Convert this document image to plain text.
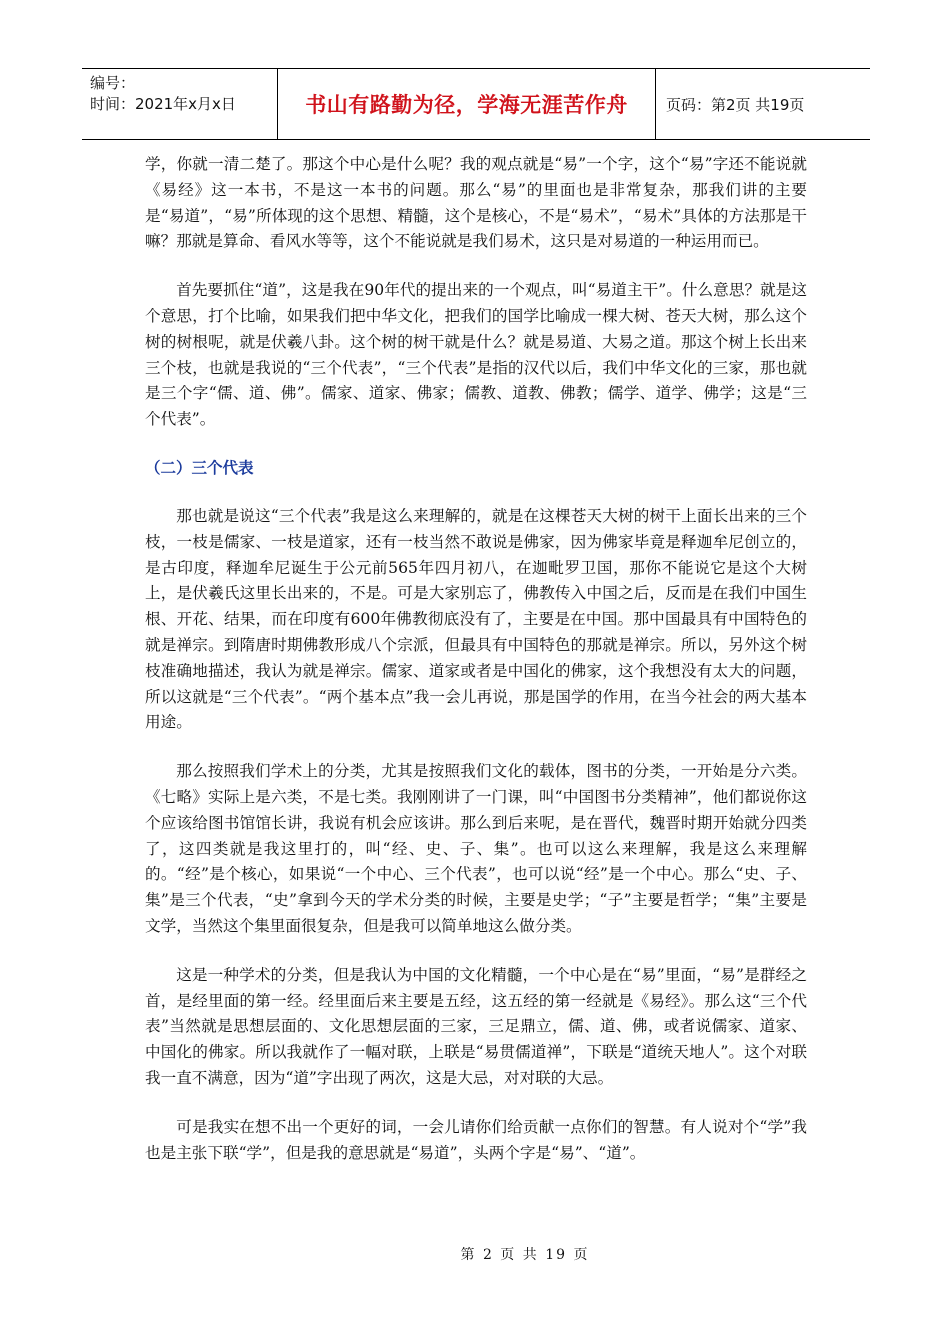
编号：
时间：2021年x月x日	书山有路勤为径，学海无涯苦作舟	页码：第2页 共19页

学，你就一清二楚了。那这个中心是什么呢？我的观点就是“易”一个字，这个“易”字还不能说就《易经》这一本书，不是这一本书的问题。那么“易”的里面也是非常复杂，那我们讲的主要是“易道”，“易”所体现的这个思想、精髓，这个是核心，不是“易术”，“易术”具体的方法那是干嘛？那就是算命、看风水等等，这个不能说就是我们易术，这只是对易道的一种运用而已。

首先要抓住“道”，这是我在90年代的提出来的一个观点，叫“易道主干”。什么意思？就是这个意思，打个比喻，如果我们把中华文化，把我们的国学比喻成一棵大树、苍天大树，那么这个树的树根呢，就是伏羲八卦。这个树的树干就是什么？就是易道、大易之道。那这个树上长出来三个枝，也就是我说的“三个代表”，“三个代表”是指的汉代以后，我们中华文化的三家，那也就是三个字“儒、道、佛”。儒家、道家、佛家；儒教、道教、佛教；儒学、道学、佛学；这是“三个代表”。

（二）三个代表

那也就是说这“三个代表”我是这么来理解的，就是在这棵苍天大树的树干上面长出来的三个枝，一枝是儒家、一枝是道家，还有一枝当然不敢说是佛家，因为佛家毕竟是释迦牟尼创立的，是古印度，释迦牟尼诞生于公元前565年四月初八，在迦毗罗卫国，那你不能说它是这个大树上，是伏羲氏这里长出来的，不是。可是大家别忘了，佛教传入中国之后，反而是在我们中国生根、开花、结果，而在印度有600年佛教彻底没有了，主要是在中国。那中国最具有中国特色的就是禅宗。到隋唐时期佛教形成八个宗派，但最具有中国特色的那就是禅宗。所以，另外这个树枝准确地描述，我认为就是禅宗。儒家、道家或者是中国化的佛家，这个我想没有太大的问题，所以这就是“三个代表”。“两个基本点”我一会儿再说，那是国学的作用，在当今社会的两大基本用途。

那么按照我们学术上的分类，尤其是按照我们文化的载体，图书的分类，一开始是分六类。《七略》实际上是六类，不是七类。我刚刚讲了一门课，叫“中国图书分类精神”，他们都说你这个应该给图书馆馆长讲，我说有机会应该讲。那么到后来呢，是在晋代，魏晋时期开始就分四类了，这四类就是我这里打的，叫“经、史、子、集”。也可以这么来理解，我是这么来理解的。“经”是个核心，如果说“一个中心、三个代表”，也可以说“经”是一个中心。那么“史、子、集”是三个代表，“史”拿到今天的学术分类的时候，主要是史学；“子”主要是哲学；“集”主要是文学，当然这个集里面很复杂，但是我可以简单地这么做分类。

这是一种学术的分类，但是我认为中国的文化精髓，一个中心是在“易”里面，“易”是群经之首，是经里面的第一经。经里面后来主要是五经，这五经的第一经就是《易经》。那么这“三个代表”当然就是思想层面的、文化思想层面的三家，三足鼎立，儒、道、佛，或者说儒家、道家、中国化的佛家。所以我就作了一幅对联，上联是“易贯儒道禅”，下联是“道统天地人”。这个对联我一直不满意，因为“道”字出现了两次，这是大忌，对对联的大忌。

可是我实在想不出一个更好的词，一会儿请你们给贡献一点你们的智慧。有人说对个“学”我也是主张下联“学”，但是我的意思就是“易道”，头两个字是“易”、“道”。

第 2 页 共 19 页
